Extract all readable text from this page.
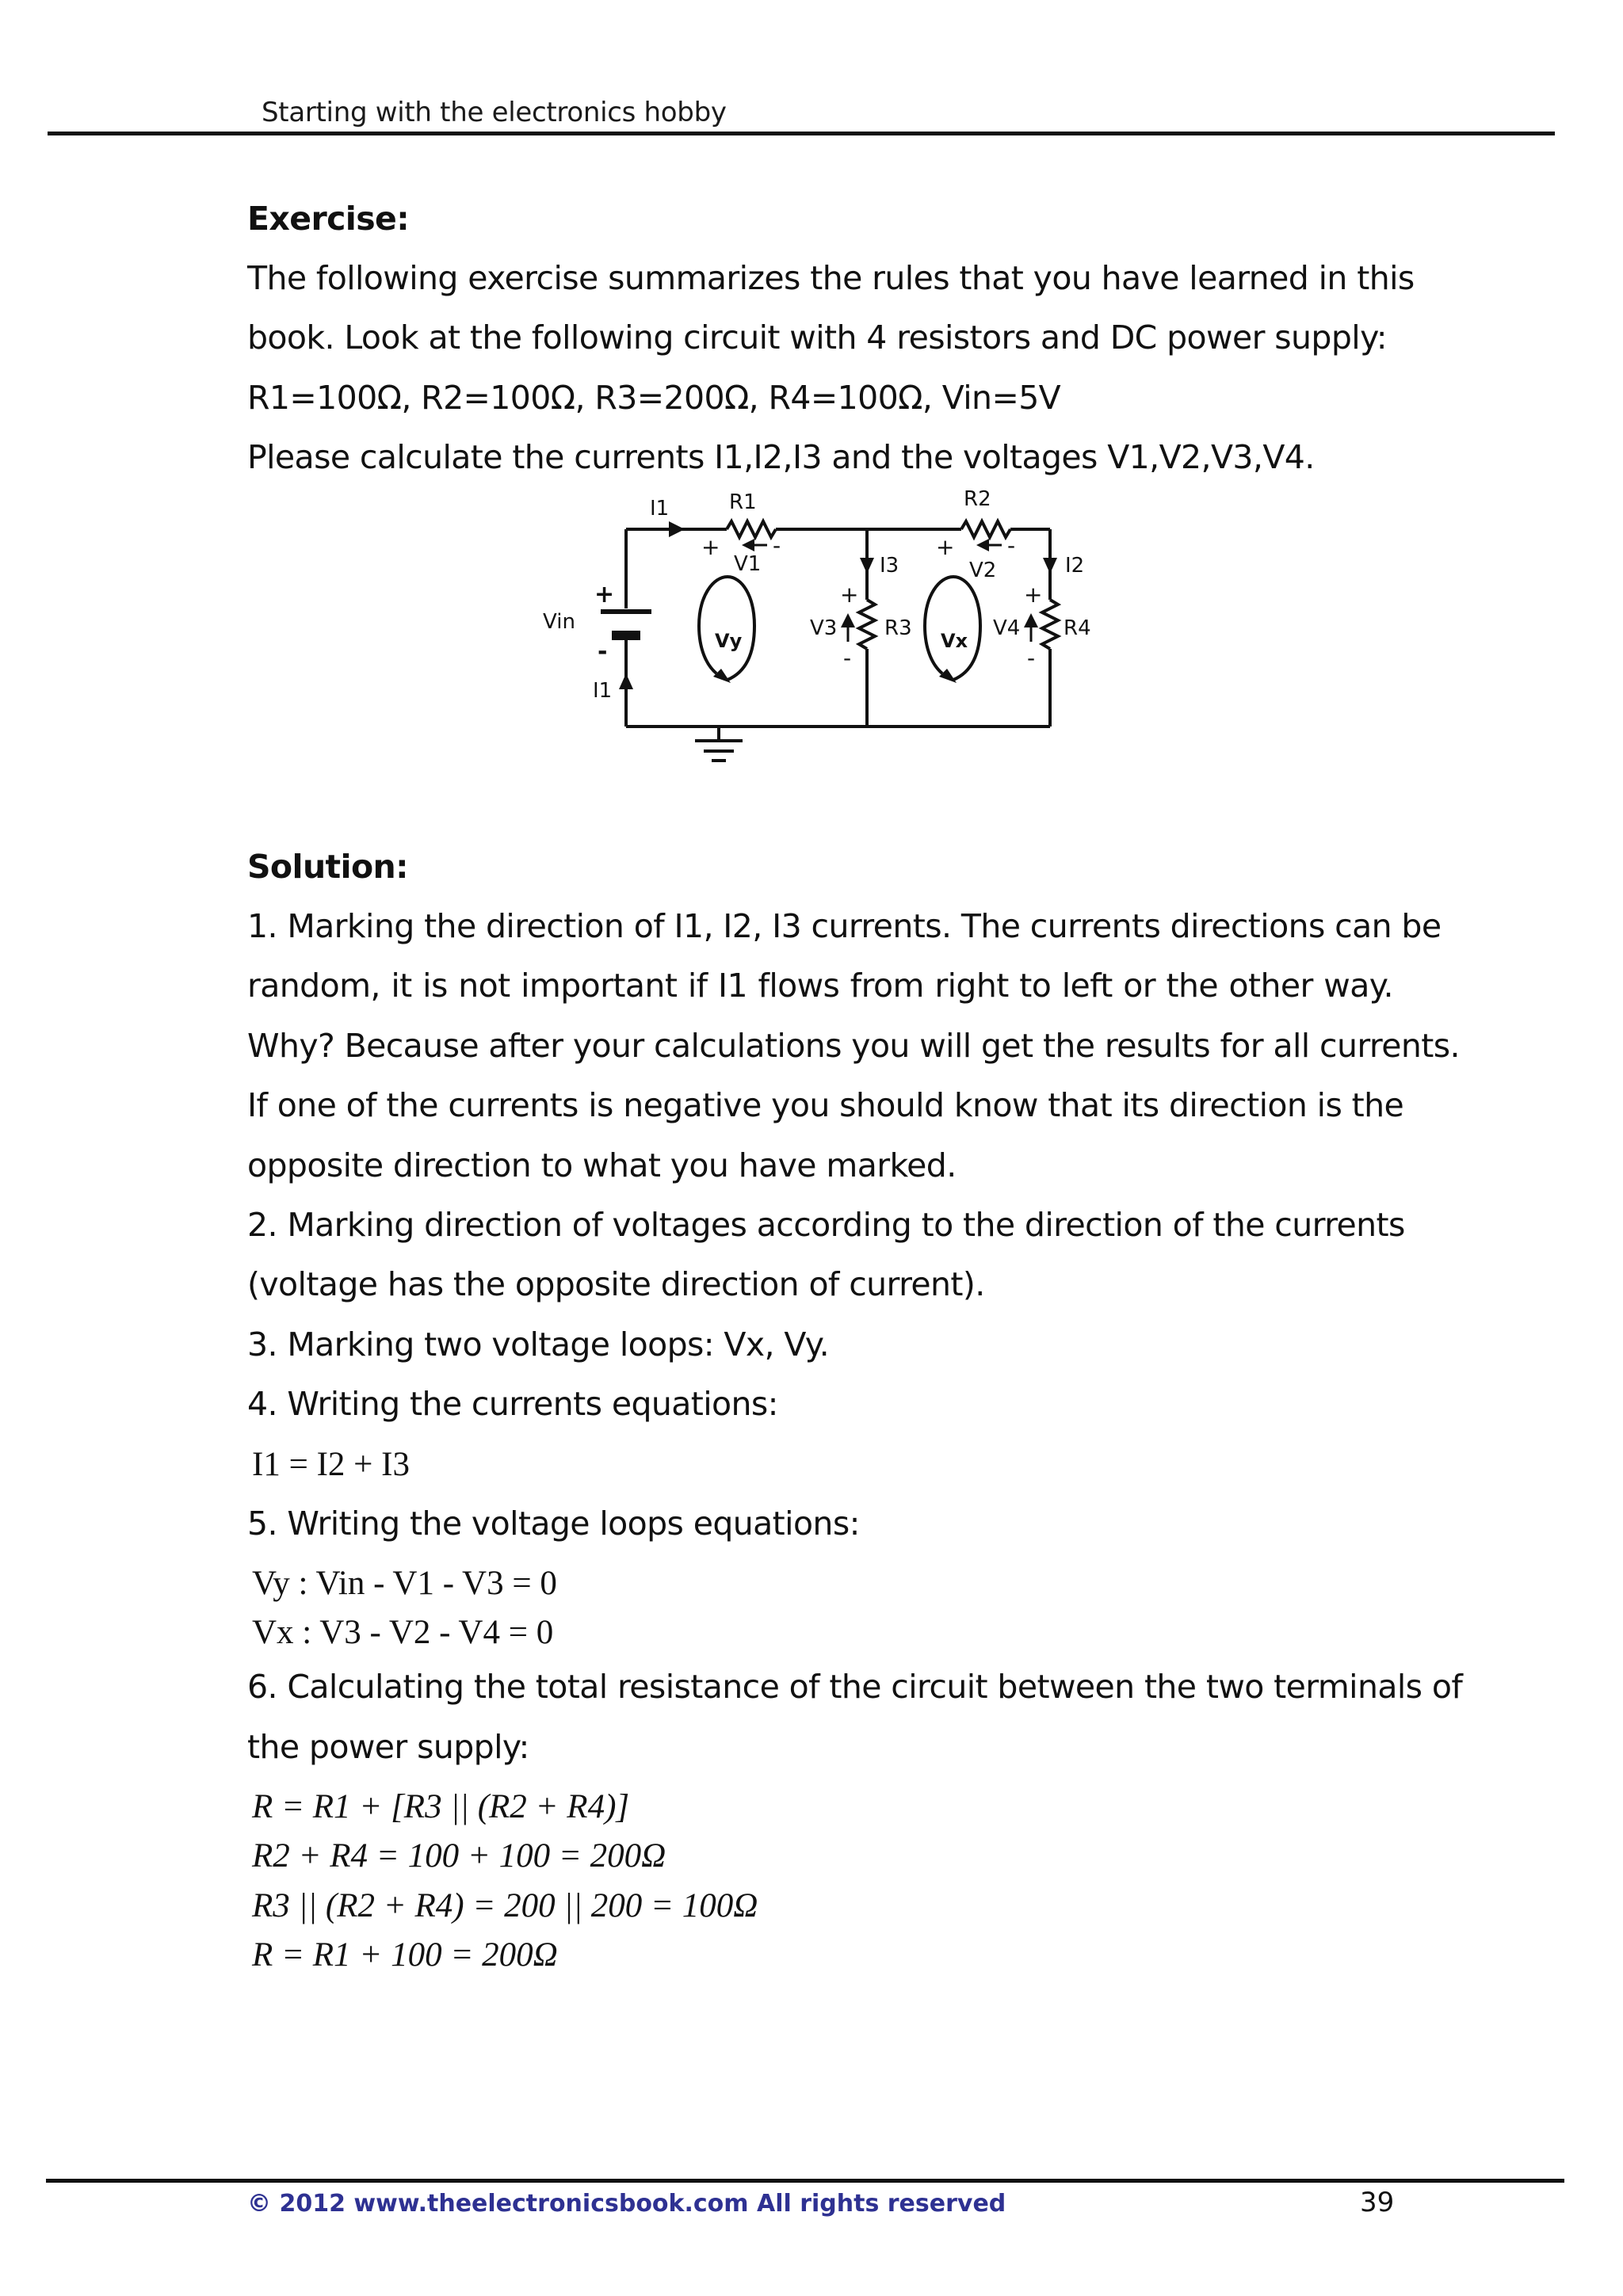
Starting with the electronics hobby
Exercise:
The following exercise summarizes the rules that you have learned in this
book. Look at the following circuit with 4 resistors and DC power supply:
R1=100Ω, R2=100Ω, R3=200Ω, R4=100Ω, Vin=5V
Please calculate the currents I1,I2,I3 and the voltages V1,V2,V3,V4.
I1	R1	R2
I2
I3
V1	V2
V3	V4
R3	R4
Vin
I1
Vy	Vx
+
-
+ -	+ -
+
-
+
-
Solution:
1. Marking the direction of I1, I2, I3 currents. The currents directions can be
random, it is not important if I1 flows from right to left or the other way.
Why? Because after your calculations you will get the results for all currents.
If one of the currents is negative you should know that its direction is the
opposite direction to what you have marked.
2. Marking direction of voltages according to the direction of the currents
(voltage has the opposite direction of current).
3. Marking two voltage loops: Vx, Vy.
4. Writing the currents equations:
I1 = I2 + I3
5. Writing the voltage loops equations:
Vy : Vin - V1 - V3 = 0
Vx : V3 - V2 - V4 = 0
6. Calculating the total resistance of the circuit between the two terminals of
the power supply:
R = R1 + [R3 || (R2 + R4)]
R2 + R4 = 100 + 100 = 200Ω
R3 || (R2 + R4) = 200 || 200 = 100Ω
R = R1 + 100 = 200Ω
© 2012 www.theelectronicsbook.com All rights reserved	39
